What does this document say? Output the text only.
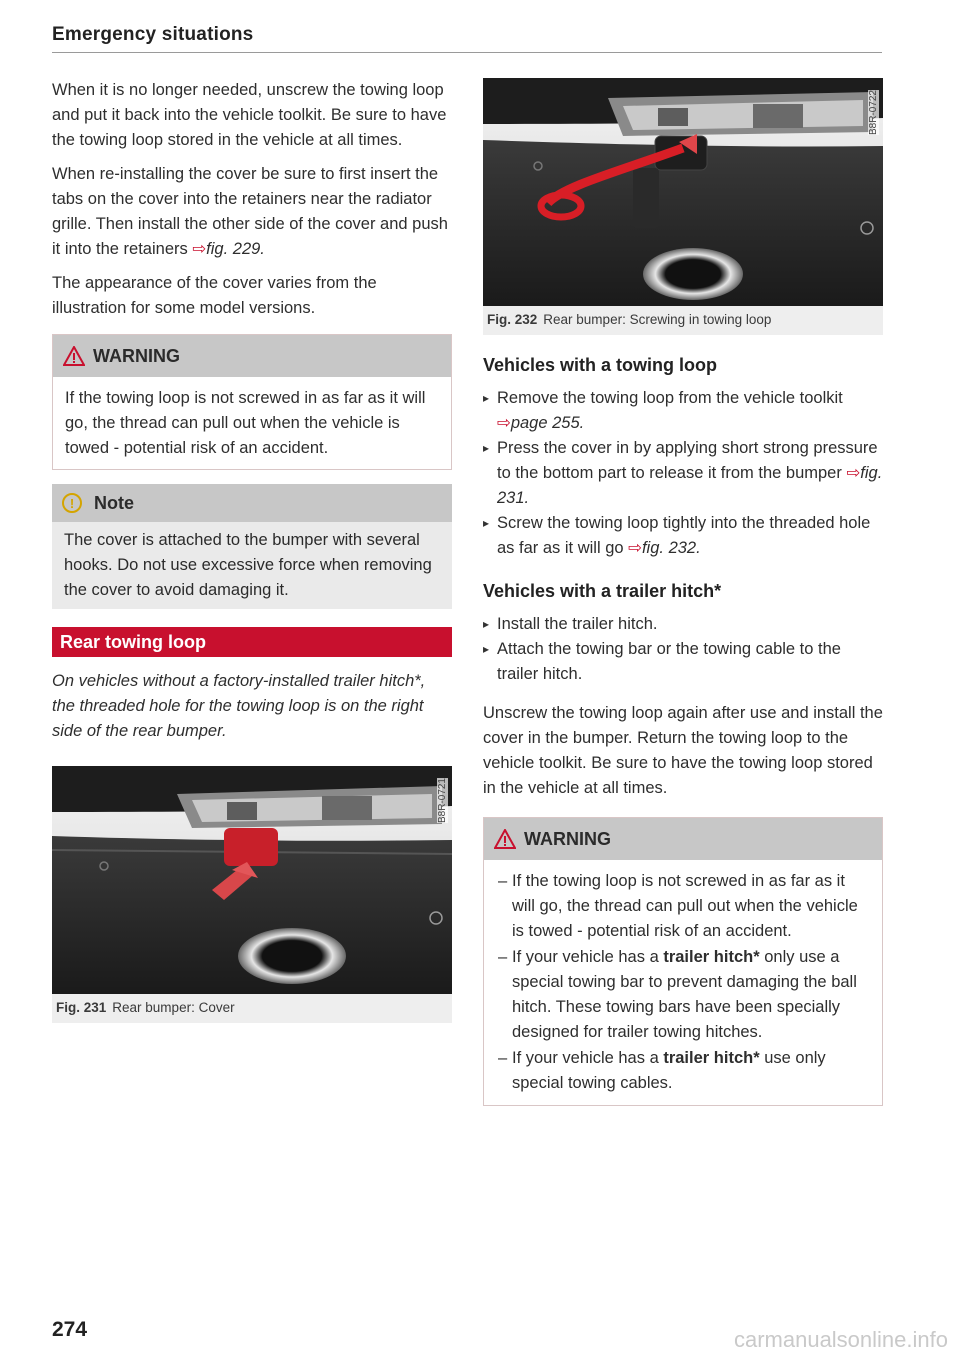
Emergency situations

When it is no longer needed, unscrew the towing loop and put it back into the vehicle toolkit. Be sure to have the towing loop stored in the vehicle at all times.

When re-installing the cover be sure to first insert the tabs on the cover into the retainers near the radiator grille. Then install the other side of the cover and push it into the retainers ⇨fig. 229.

The appearance of the cover varies from the illustration for some model versions.

WARNING
If the towing loop is not screwed in as far as it will go, the thread can pull out when the vehicle is towed - potential risk of an accident.
!	Note
The cover is attached to the bumper with several hooks. Do not use excessive force when removing the cover to avoid damaging it.
Rear towing loop

On vehicles without a factory-installed trailer hitch*, the threaded hole for the towing loop is on the right side of the rear bumper.

B8R-0721
Fig. 231 Rear bumper: Cover
B8R-0722
Fig. 232 Rear bumper: Screwing in towing loop
Vehicles with a towing loop
▸ Remove the towing loop from the vehicle toolkit ⇨page 255.
▸ Press the cover in by applying short strong pressure to the bottom part to release it from the bumper ⇨fig. 231.
▸ Screw the towing loop tightly into the threaded hole as far as it will go ⇨fig. 232.
Vehicles with a trailer hitch*
▸ Install the trailer hitch.
▸ Attach the towing bar or the towing cable to the trailer hitch.

Unscrew the towing loop again after use and install the cover in the bumper. Return the towing loop to the vehicle toolkit. Be sure to have the towing loop stored in the vehicle at all times.

WARNING
– If the towing loop is not screwed in as far as it will go, the thread can pull out when the vehicle is towed - potential risk of an accident.
– If your vehicle has a trailer hitch* only use a special towing bar to prevent damaging the ball hitch. These towing bars have been specially designed for trailer towing hitches.
– If your vehicle has a trailer hitch* use only special towing cables.
274	carmanualsonline.info
